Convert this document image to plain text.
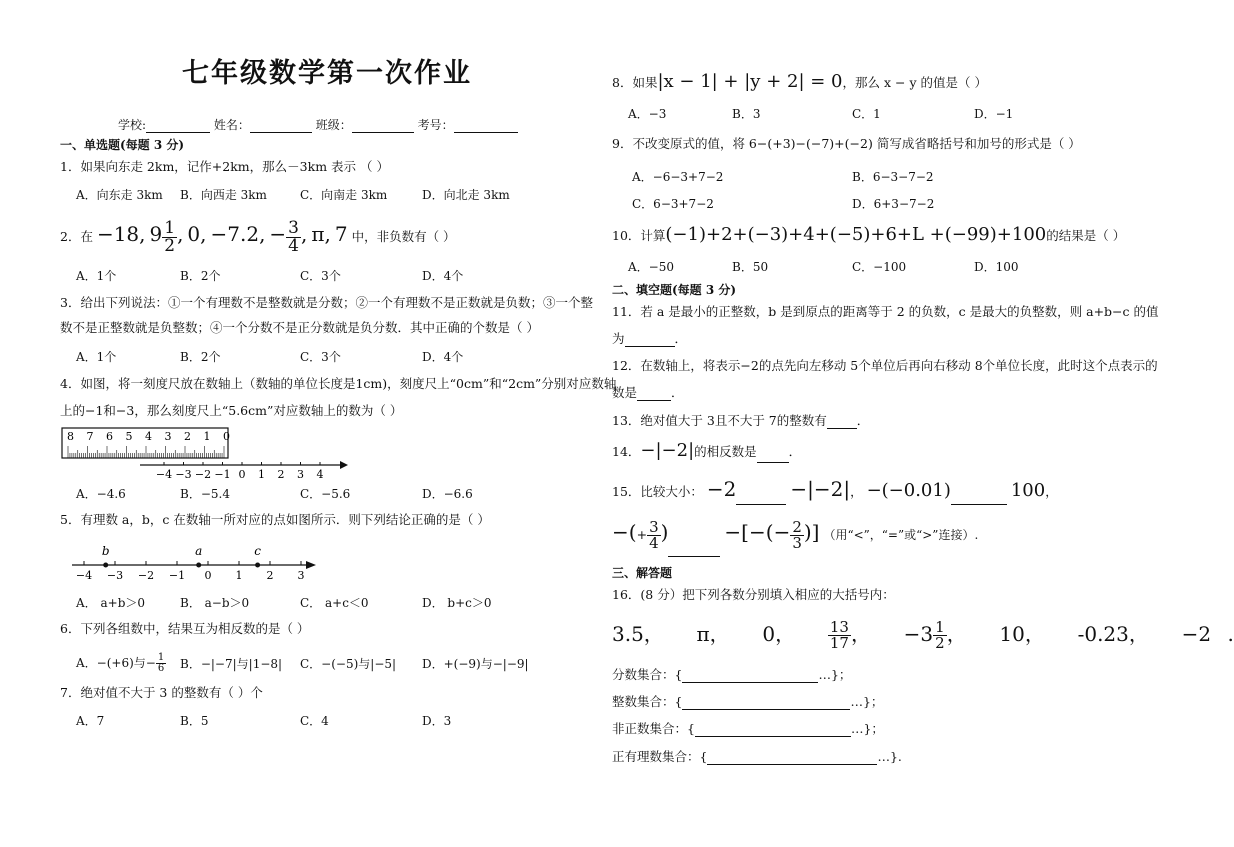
七年级数学第一次作业
学校:	姓名：	班级：	考号：
一、单选题(每题 3 分)
1．如果向东走 2km，记作+2km，那么－3km 表示 （ ）
A．向东走 3km B．向西走 3km	C．向南走 3km	D．向北走 3km
2．在 −18, $9 \frac{1}{2}$ , 0, −7.2, − $\frac{3}{4}$ , π, 7 中，非负数有（ ）
A．1个	B．2个	C．3个	D．4个
3．给出下列说法：①一个有理数不是整数就是分数；②一个有理数不是正数就是负数；③一个整
数不是正整数就是负整数；④一个分数不是正分数就是负分数．其中正确的个数是（ ）
A．1个	B．2个	C．3个	D．4个
4．如图，将一刻度尺放在数轴上（数轴的单位长度是1cm)，刻度尺上“0cm”和“2cm”分别对应数轴
上的−1和−3，那么刻度尺上“5.6cm”对应数轴上的数为（ ）
8 7 6 5 4 3 2 1 0
−4 −3 −2 −1 0 1 2 3 4
A．−4.6	B．−5.4	C．−5.6	D．−6.6
5．有理数 a，b，c 在数轴一所对应的点如图所示．则下列结论正确的是（ ）
−4 −3 −2 −1 0 1 2 3
b	a	c
A． a+b＞0	B． a−b＞0	C． a+c＜0	D． b+c＞0
6．下列各组数中，结果互为相反数的是（ ）
A．−(+6)与− $\frac{1}{6}$ B．−|−7|与|1−8| C．−(−5)与|−5| D．+(−9)与−|−9|
7．绝对值不大于 3 的整数有（ ）个
A．7	B．5	C．4	D．3
8．如果|x − 1| + |y + 2| = 0，那么 x − y 的值是（ ）
A．−3	B．3	C．1	D．−1
9．不改变原式的值，将 6−(+3)−(−7)+(−2) 简写成省略括号和加号的形式是（ ）
A．−6−3+7−2	B．6−3−7−2
C．6−3+7−2	D．6+3−7−2
10．计算(−1)+2+(−3)+4+(−5)+6+L +(−99)+100的结果是（ ）
A．−50	B．50	C．−100	D．100
二、填空题(每题 3 分)
11．若 a 是最小的正整数，b 是到原点的距离等于 2 的负数，c 是最大的负整数，则 a+b−c 的值
为	．
12．在数轴上，将表示−2的点先向左移动 5个单位后再向右移动 8个单位长度，此时这个点表示的
数是	．
13．绝对值大于 3且不大于 7的整数有 ．
14．−|−2|的相反数是	．
15．比较大小： −2	−|−2|， −(−0.01)	100，
−(+ $\frac{3}{4}$ )	−[−(− $\frac{2}{3}$ )] （用“<”，“=”或“>”连接）.
三、解答题
16．(8 分）把下列各数分别填入相应的大括号内：
3.5， π， 0， $\frac{13}{17}$ ，  $-3 \frac{1}{2}$ ，  10， -0.23， −2 .
分数集合：{	…}；
整数集合：{	…}；
非正数集合：{	…}；
正有理数集合：{	…}.
